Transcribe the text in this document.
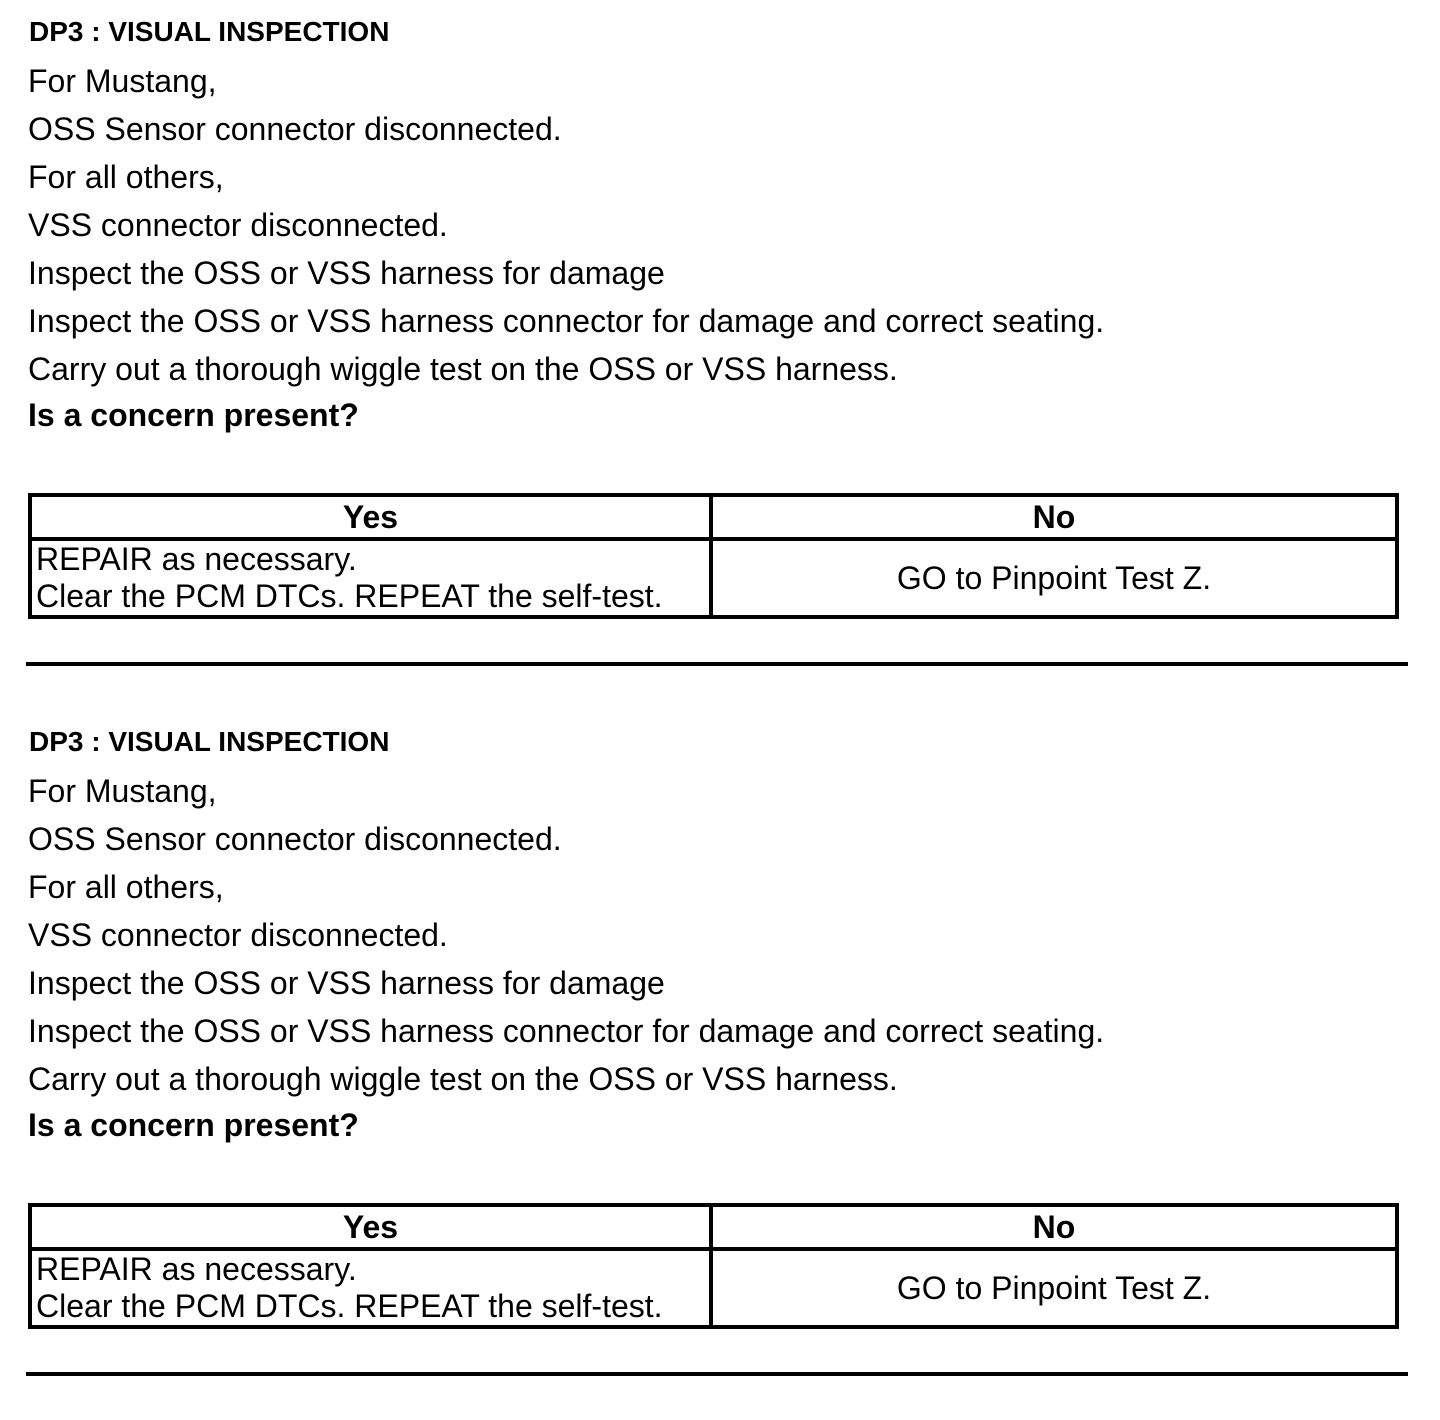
DP3 : VISUAL INSPECTION
For Mustang,
OSS Sensor connector disconnected.
For all others,
VSS connector disconnected.
Inspect the OSS or VSS harness for damage
Inspect the OSS or VSS harness connector for damage and correct seating.
Carry out a thorough wiggle test on the OSS or VSS harness.
Is a concern present?
Yes	No

REPAIR as necessary.
Clear the PCM DTCs. REPEAT the self-test.	GO to Pinpoint Test Z.
DP3 : VISUAL INSPECTION
For Mustang,
OSS Sensor connector disconnected.
For all others,
VSS connector disconnected.
Inspect the OSS or VSS harness for damage
Inspect the OSS or VSS harness connector for damage and correct seating.
Carry out a thorough wiggle test on the OSS or VSS harness.
Is a concern present?
Yes	No

REPAIR as necessary.
Clear the PCM DTCs. REPEAT the self-test.	GO to Pinpoint Test Z.
